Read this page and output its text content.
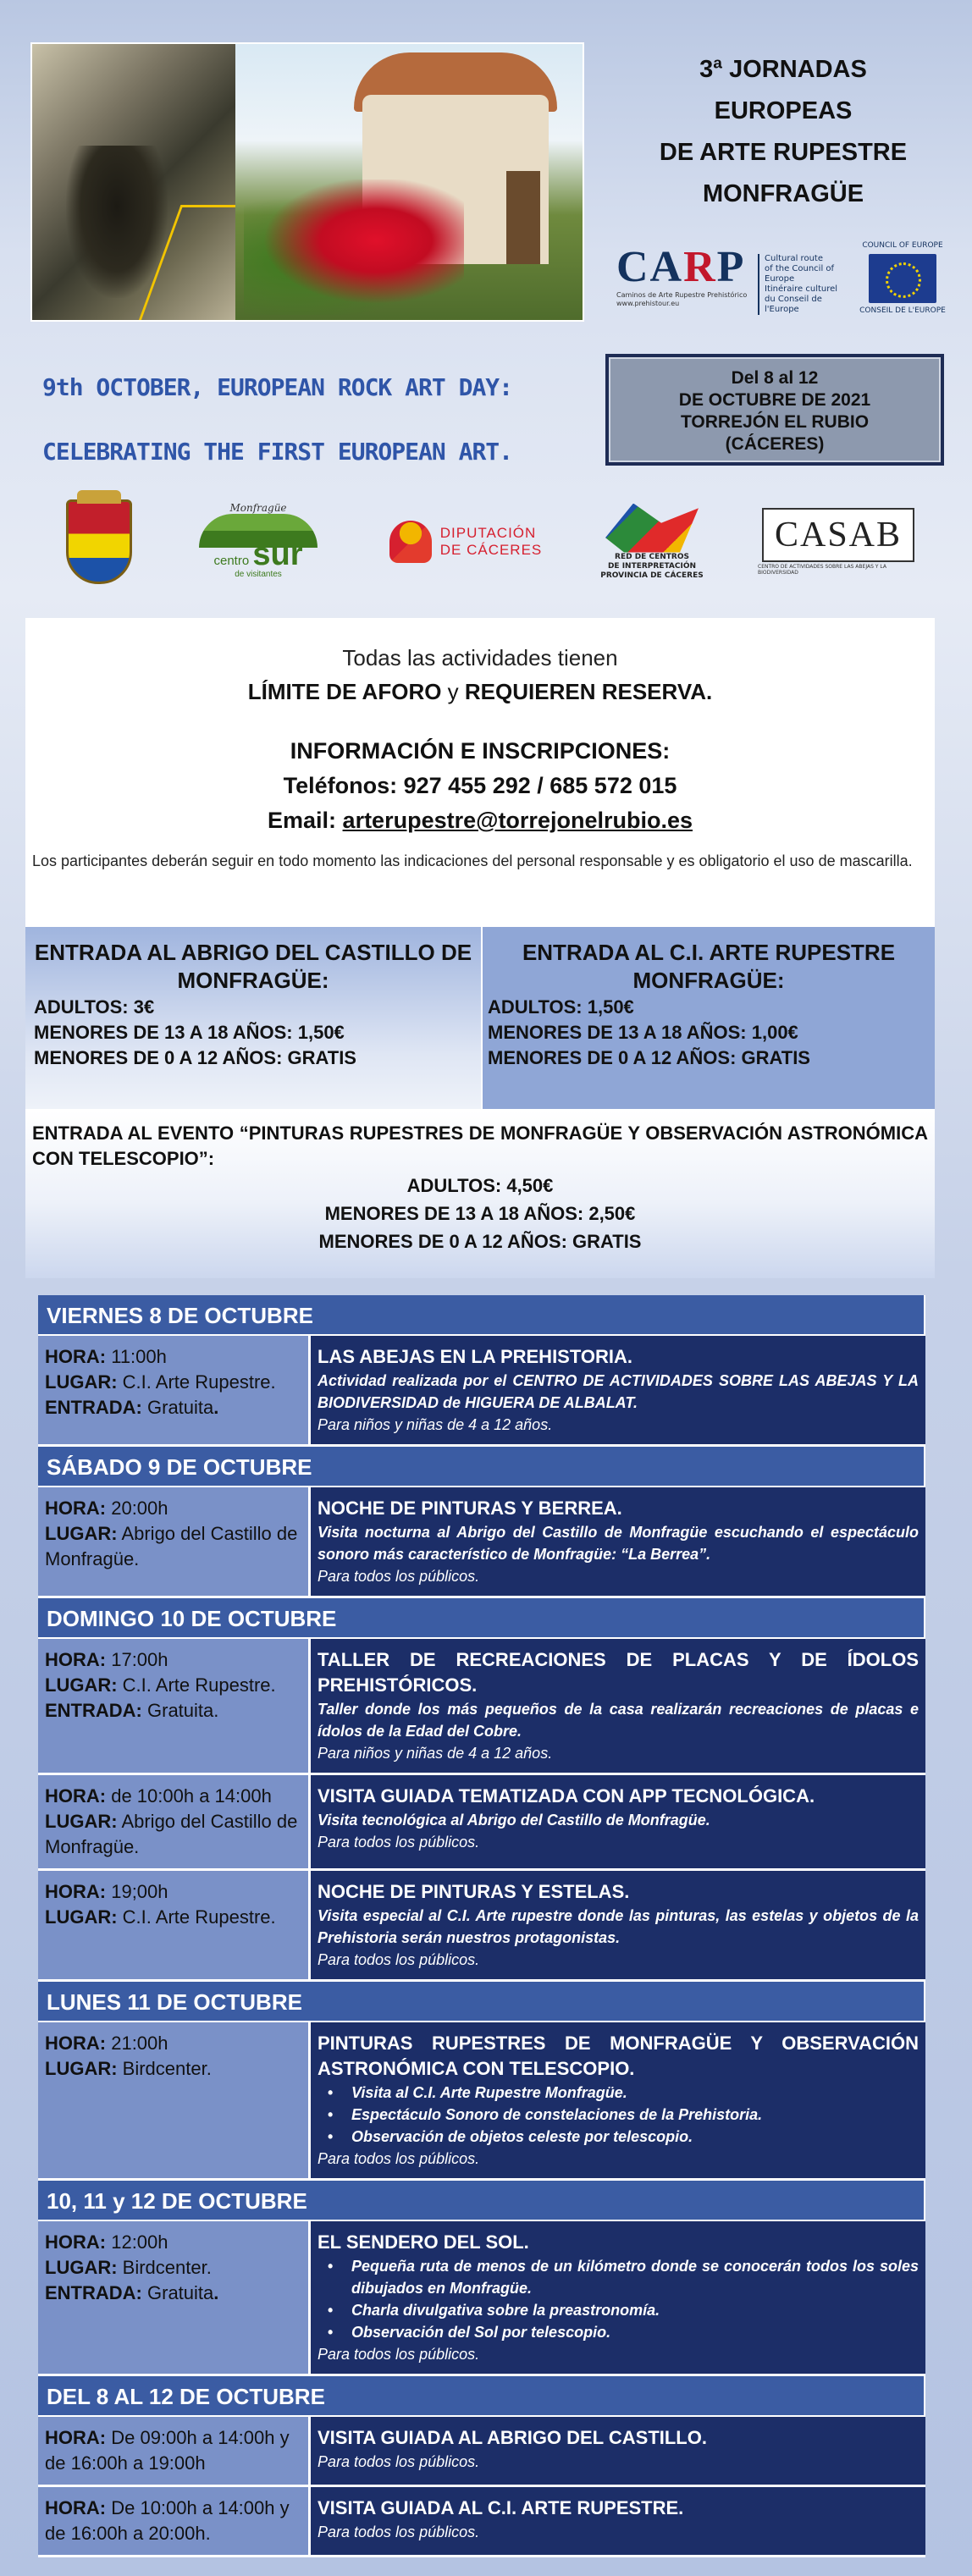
3ª JORNADAS
EUROPEAS
DE ARTE RUPESTRE
MONFRAGÜE
CARP
Caminos de Arte Rupestre Prehistórico
www.prehistour.eu
Cultural route
of the Council of Europe
Itinéraire culturel
du Conseil de l'Europe
COUNCIL OF EUROPE
CONSEIL DE L'EUROPE
9th OCTOBER, EUROPEAN ROCK ART DAY:
CELEBRATING THE FIRST EUROPEAN ART.
Del 8 al 12
DE OCTUBRE DE 2021
TORREJÓN EL RUBIO
(CÁCERES)
Monfragüe
centro sur
de visitantes
DIPUTACIÓN
DE CÁCERES	RED DE CENTROS
DE INTERPRETACIÓN
PROVINCIA DE CÁCERES
CASAB
CENTRO DE ACTIVIDADES SOBRE LAS ABEJAS Y LA BIODIVERSIDAD
Todas las actividades tienen
LÍMITE DE AFORO y REQUIEREN RESERVA.
INFORMACIÓN E INSCRIPCIONES:
Teléfonos: 927 455 292 / 685 572 015
Email: arterupestre@torrejonelrubio.es
Los participantes deberán seguir en todo momento las indicaciones del personal responsable y es obligatorio el uso de mascarilla.
ENTRADA AL ABRIGO DEL CASTILLO DE MONFRAGÜE:
ADULTOS: 3€
MENORES DE 13 A 18 AÑOS: 1,50€
MENORES DE 0 A 12 AÑOS: GRATIS
ENTRADA AL C.I. ARTE RUPESTRE MONFRAGÜE:
ADULTOS: 1,50€
MENORES DE 13 A 18 AÑOS: 1,00€
MENORES DE 0 A 12 AÑOS: GRATIS
ENTRADA AL EVENTO “PINTURAS RUPESTRES DE MONFRAGÜE Y OBSERVACIÓN ASTRONÓMICA CON TELESCOPIO”:
ADULTOS: 4,50€
MENORES DE 13 A 18 AÑOS: 2,50€
MENORES DE 0 A 12 AÑOS: GRATIS
VIERNES 8 DE OCTUBRE
HORA: 11:00h
LUGAR: C.I. Arte Rupestre.
ENTRADA: Gratuita.
LAS ABEJAS EN LA PREHISTORIA.
Actividad realizada por el CENTRO DE ACTIVIDADES SOBRE LAS ABEJAS Y LA BIODIVERSIDAD de HIGUERA DE ALBALAT.
Para niños y niñas de 4 a 12 años.
SÁBADO 9 DE OCTUBRE
HORA: 20:00h
LUGAR: Abrigo del Castillo de Monfragüe.
NOCHE DE PINTURAS Y BERREA.
Visita nocturna al Abrigo del Castillo de Monfragüe escuchando el espectáculo sonoro más característico de Monfragüe: “La Berrea”.
Para todos los públicos.
DOMINGO 10 DE OCTUBRE
HORA: 17:00h
LUGAR: C.I. Arte Rupestre.
ENTRADA: Gratuita.
TALLER DE RECREACIONES DE PLACAS Y DE ÍDOLOS PREHISTÓRICOS.
Taller donde los más pequeños de la casa realizarán recreaciones de placas e ídolos de la Edad del Cobre.
Para niños y niñas de 4 a 12 años.
HORA: de 10:00h a 14:00h
LUGAR: Abrigo del Castillo de Monfragüe.
VISITA GUIADA TEMATIZADA CON APP TECNOLÓGICA.
Visita tecnológica al Abrigo del Castillo de Monfragüe.
Para todos los públicos.
HORA: 19;00h
LUGAR: C.I. Arte Rupestre.
NOCHE DE PINTURAS Y ESTELAS.
Visita especial al C.I. Arte rupestre donde las pinturas, las estelas y objetos de la Prehistoria serán nuestros protagonistas.
Para todos los públicos.
LUNES 11 DE OCTUBRE
HORA: 21:00h
LUGAR: Birdcenter.
PINTURAS RUPESTRES DE MONFRAGÜE Y OBSERVACIÓN ASTRONÓMICA CON TELESCOPIO.
• Visita al C.I. Arte Rupestre Monfragüe.
• Espectáculo Sonoro de constelaciones de la Prehistoria.
• Observación de objetos celeste por telescopio.
Para todos los públicos.
10, 11 y 12 DE OCTUBRE
HORA: 12:00h
LUGAR: Birdcenter.
ENTRADA: Gratuita.
EL SENDERO DEL SOL.
• Pequeña ruta de menos de un kilómetro donde se conocerán todos los soles dibujados en Monfragüe.
• Charla divulgativa sobre la preastronomía.
• Observación del Sol por telescopio.
Para todos los públicos.
DEL 8 AL 12 DE OCTUBRE
HORA: De 09:00h a 14:00h y de 16:00h a 19:00h
VISITA GUIADA AL ABRIGO DEL CASTILLO.
Para todos los públicos.
HORA: De 10:00h a 14:00h y de 16:00h a 20:00h.
VISITA GUIADA AL C.I. ARTE RUPESTRE.
Para todos los públicos.
